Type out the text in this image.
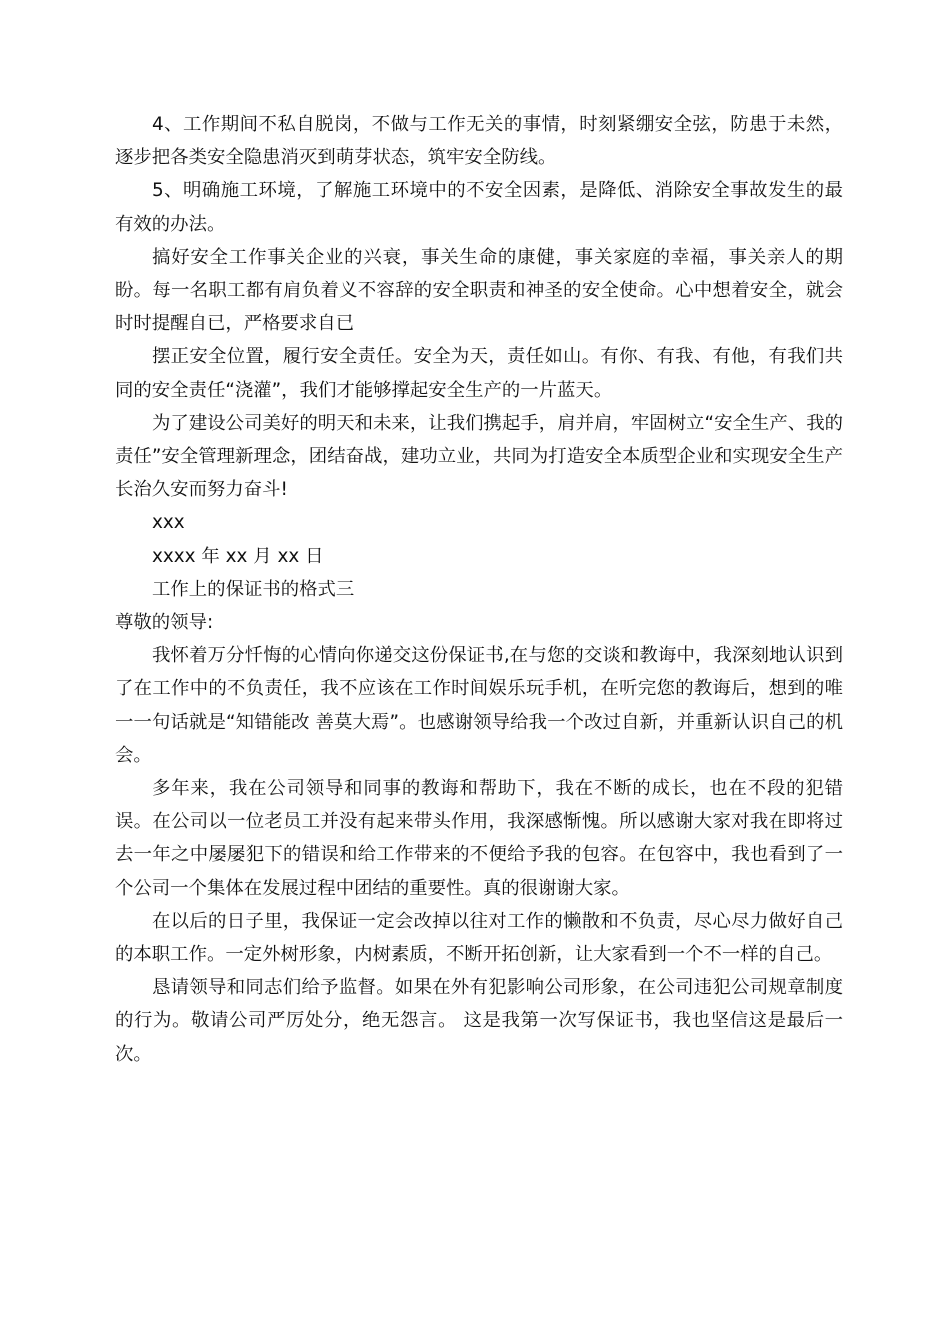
4、工作期间不私自脱岗，不做与工作无关的事情，时刻紧绷安全弦，防患于未然，逐步把各类安全隐患消灭到萌芽状态，筑牢安全防线。

5、明确施工环境，了解施工环境中的不安全因素，是降低、消除安全事故发生的最有效的办法。

搞好安全工作事关企业的兴衰，事关生命的康健，事关家庭的幸福，事关亲人的期盼。每一名职工都有肩负着义不容辞的安全职责和神圣的安全使命。心中想着安全，就会时时提醒自已，严格要求自已

摆正安全位置，履行安全责任。安全为天，责任如山。有你、有我、有他，有我们共同的安全责任“浇灌”，我们才能够撑起安全生产的一片蓝天。

为了建设公司美好的明天和未来，让我们携起手，肩并肩，牢固树立“安全生产、我的责任”安全管理新理念，团结奋战，建功立业，共同为打造安全本质型企业和实现安全生产长治久安而努力奋斗!

xxx

xxxx 年 xx 月 xx 日

工作上的保证书的格式三

尊敬的领导:

我怀着万分忏悔的心情向你递交这份保证书,在与您的交谈和教诲中，我深刻地认识到了在工作中的不负责任，我不应该在工作时间娱乐玩手机，在听完您的教诲后，想到的唯一一句话就是“知错能改 善莫大焉”。也感谢领导给我一个改过自新，并重新认识自己的机会。

多年来，我在公司领导和同事的教诲和帮助下，我在不断的成长，也在不段的犯错误。在公司以一位老员工并没有起来带头作用，我深感惭愧。所以感谢大家对我在即将过去一年之中屡屡犯下的错误和给工作带来的不便给予我的包容。在包容中，我也看到了一个公司一个集体在发展过程中团结的重要性。真的很谢谢大家。

在以后的日子里，我保证一定会改掉以往对工作的懒散和不负责，尽心尽力做好自己的本职工作。一定外树形象，内树素质，不断开拓创新，让大家看到一个不一样的自己。

恳请领导和同志们给予监督。如果在外有犯影响公司形象，在公司违犯公司规章制度的行为。敬请公司严厉处分，绝无怨言。 这是我第一次写保证书，我也坚信这是最后一次。
